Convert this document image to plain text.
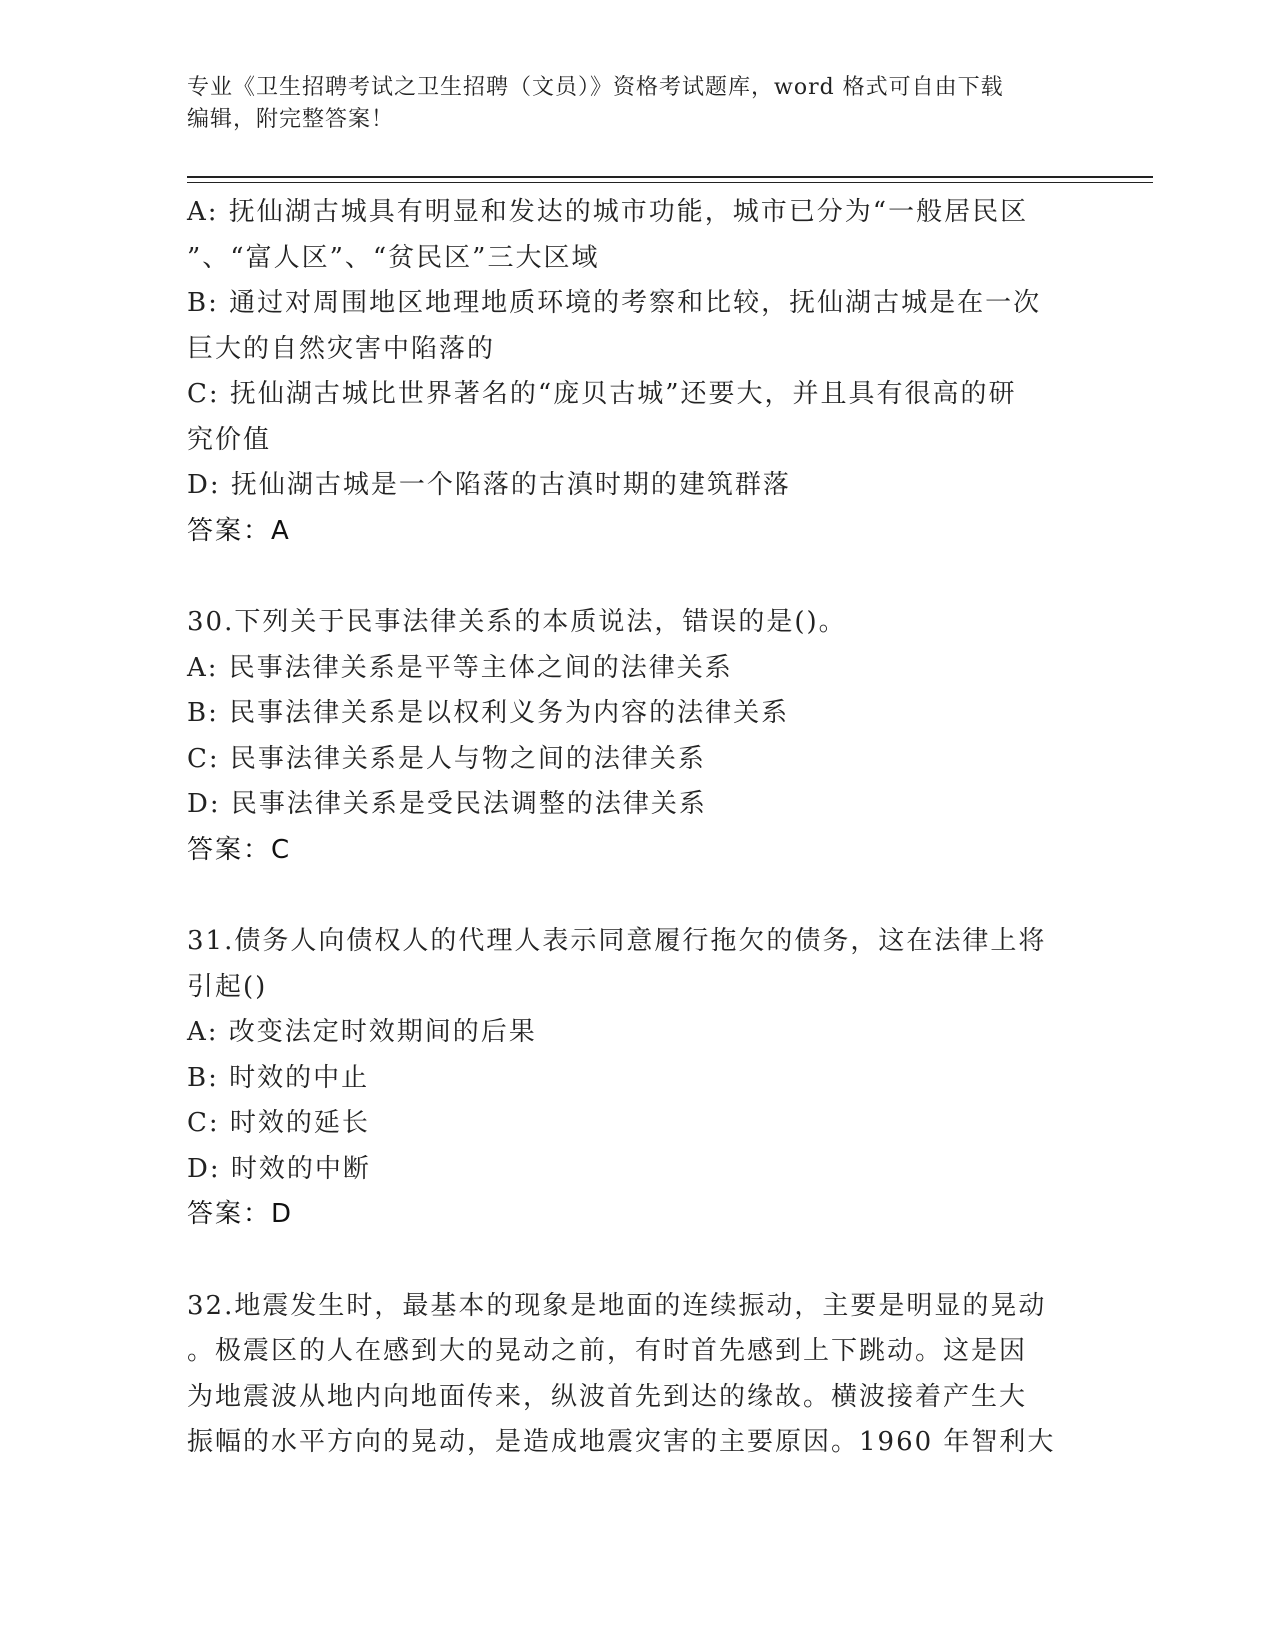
专业《卫生招聘考试之卫生招聘（文员）》资格考试题库，word 格式可自由下载
编辑，附完整答案！
A: 抚仙湖古城具有明显和发达的城市功能，城市已分为“一般居民区
”、“富人区”、“贫民区”三大区域
B: 通过对周围地区地理地质环境的考察和比较，抚仙湖古城是在一次
巨大的自然灾害中陷落的
C: 抚仙湖古城比世界著名的“庞贝古城”还要大，并且具有很高的研
究价值
D: 抚仙湖古城是一个陷落的古滇时期的建筑群落
答案：A
30.下列关于民事法律关系的本质说法，错误的是()。
A: 民事法律关系是平等主体之间的法律关系
B: 民事法律关系是以权利义务为内容的法律关系
C: 民事法律关系是人与物之间的法律关系
D: 民事法律关系是受民法调整的法律关系
答案：C
31.债务人向债权人的代理人表示同意履行拖欠的债务，这在法律上将
引起()
A: 改变法定时效期间的后果
B: 时效的中止
C: 时效的延长
D: 时效的中断
答案：D
32.地震发生时，最基本的现象是地面的连续振动，主要是明显的晃动
。极震区的人在感到大的晃动之前，有时首先感到上下跳动。这是因
为地震波从地内向地面传来，纵波首先到达的缘故。横波接着产生大
振幅的水平方向的晃动，是造成地震灾害的主要原因。1960 年智利大
